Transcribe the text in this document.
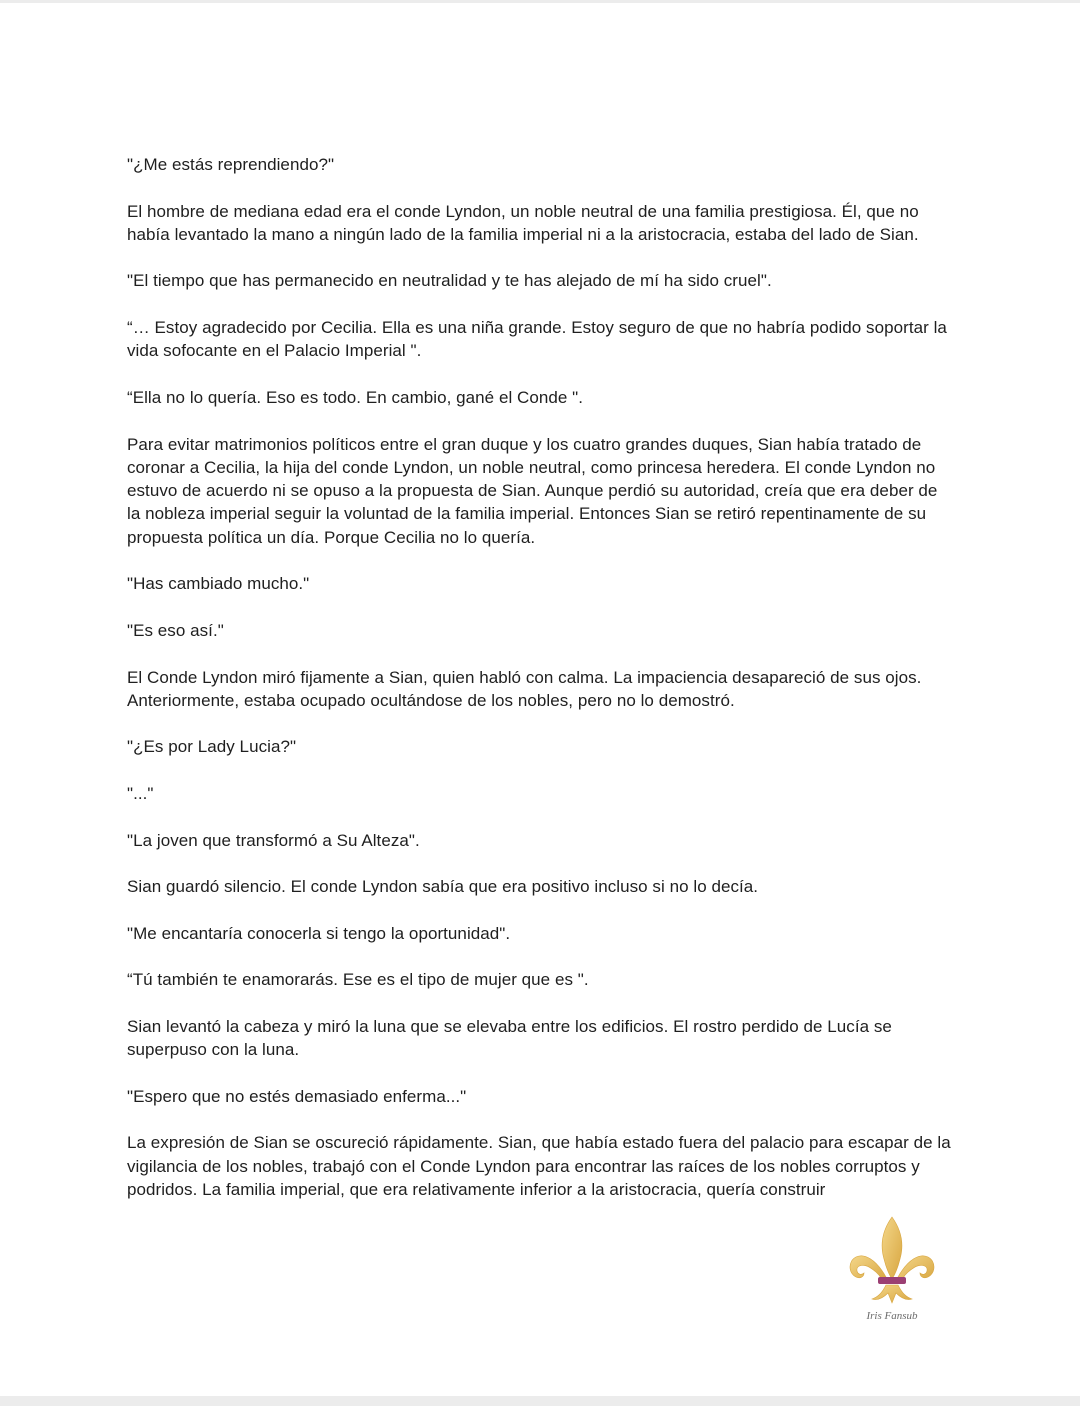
"¿Me estás reprendiendo?"

El hombre de mediana edad era el conde Lyndon, un noble neutral de una familia prestigiosa. Él, que no había levantado la mano a ningún lado de la familia imperial ni a la aristocracia, estaba del lado de Sian.

"El tiempo que has permanecido en neutralidad y te has alejado de mí ha sido cruel".

“… Estoy agradecido por Cecilia. Ella es una niña grande. Estoy seguro de que no habría podido soportar la vida sofocante en el Palacio Imperial ".

“Ella no lo quería. Eso es todo. En cambio, gané el Conde ".

Para evitar matrimonios políticos entre el gran duque y los cuatro grandes duques, Sian había tratado de coronar a Cecilia, la hija del conde Lyndon, un noble neutral, como princesa heredera. El conde Lyndon no estuvo de acuerdo ni se opuso a la propuesta de Sian. Aunque perdió su autoridad, creía que era deber de la nobleza imperial seguir la voluntad de la familia imperial. Entonces Sian se retiró repentinamente de su propuesta política un día. Porque Cecilia no lo quería.

"Has cambiado mucho."

"Es eso así."

El Conde Lyndon miró fijamente a Sian, quien habló con calma. La impaciencia desapareció de sus ojos. Anteriormente, estaba ocupado ocultándose de los nobles, pero no lo demostró.

"¿Es por Lady Lucia?"

"..."

"La joven que transformó a Su Alteza".

Sian guardó silencio. El conde Lyndon sabía que era positivo incluso si no lo decía.

"Me encantaría conocerla si tengo la oportunidad".

“Tú también te enamorarás. Ese es el tipo de mujer que es ".

Sian levantó la cabeza y miró la luna que se elevaba entre los edificios. El rostro perdido de Lucía se superpuso con la luna.

"Espero que no estés demasiado enferma..."

La expresión de Sian se oscureció rápidamente. Sian, que había estado fuera del palacio para escapar de la vigilancia de los nobles, trabajó con el Conde Lyndon para encontrar las raíces de los nobles corruptos y podridos. La familia imperial, que era relativamente inferior a la aristocracia, quería construir

Iris Fansub
